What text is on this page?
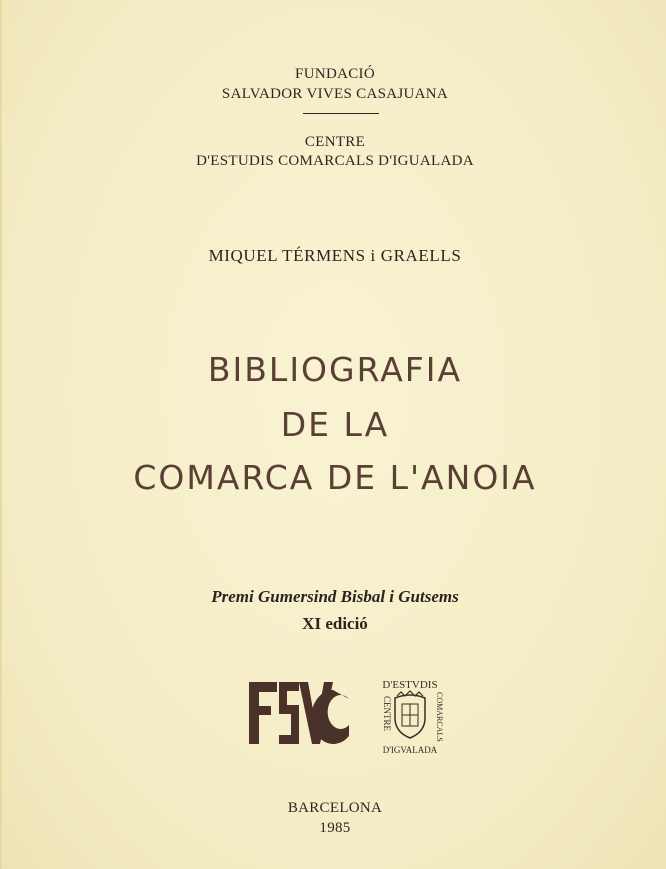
FUNDACIÓ
SALVADOR VIVES CASAJUANA
CENTRE
D'ESTUDIS COMARCALS D'IGUALADA
MIQUEL TÉRMENS i GRAELLS
BIBLIOGRAFIA
DE LA
COMARCA DE L'ANOIA
Premi Gumersind Bisbal i Gutsems
XI edició
D'ESTVDIS
D'IGVALADA
CENTRE	COMARCALS
BARCELONA
1985
